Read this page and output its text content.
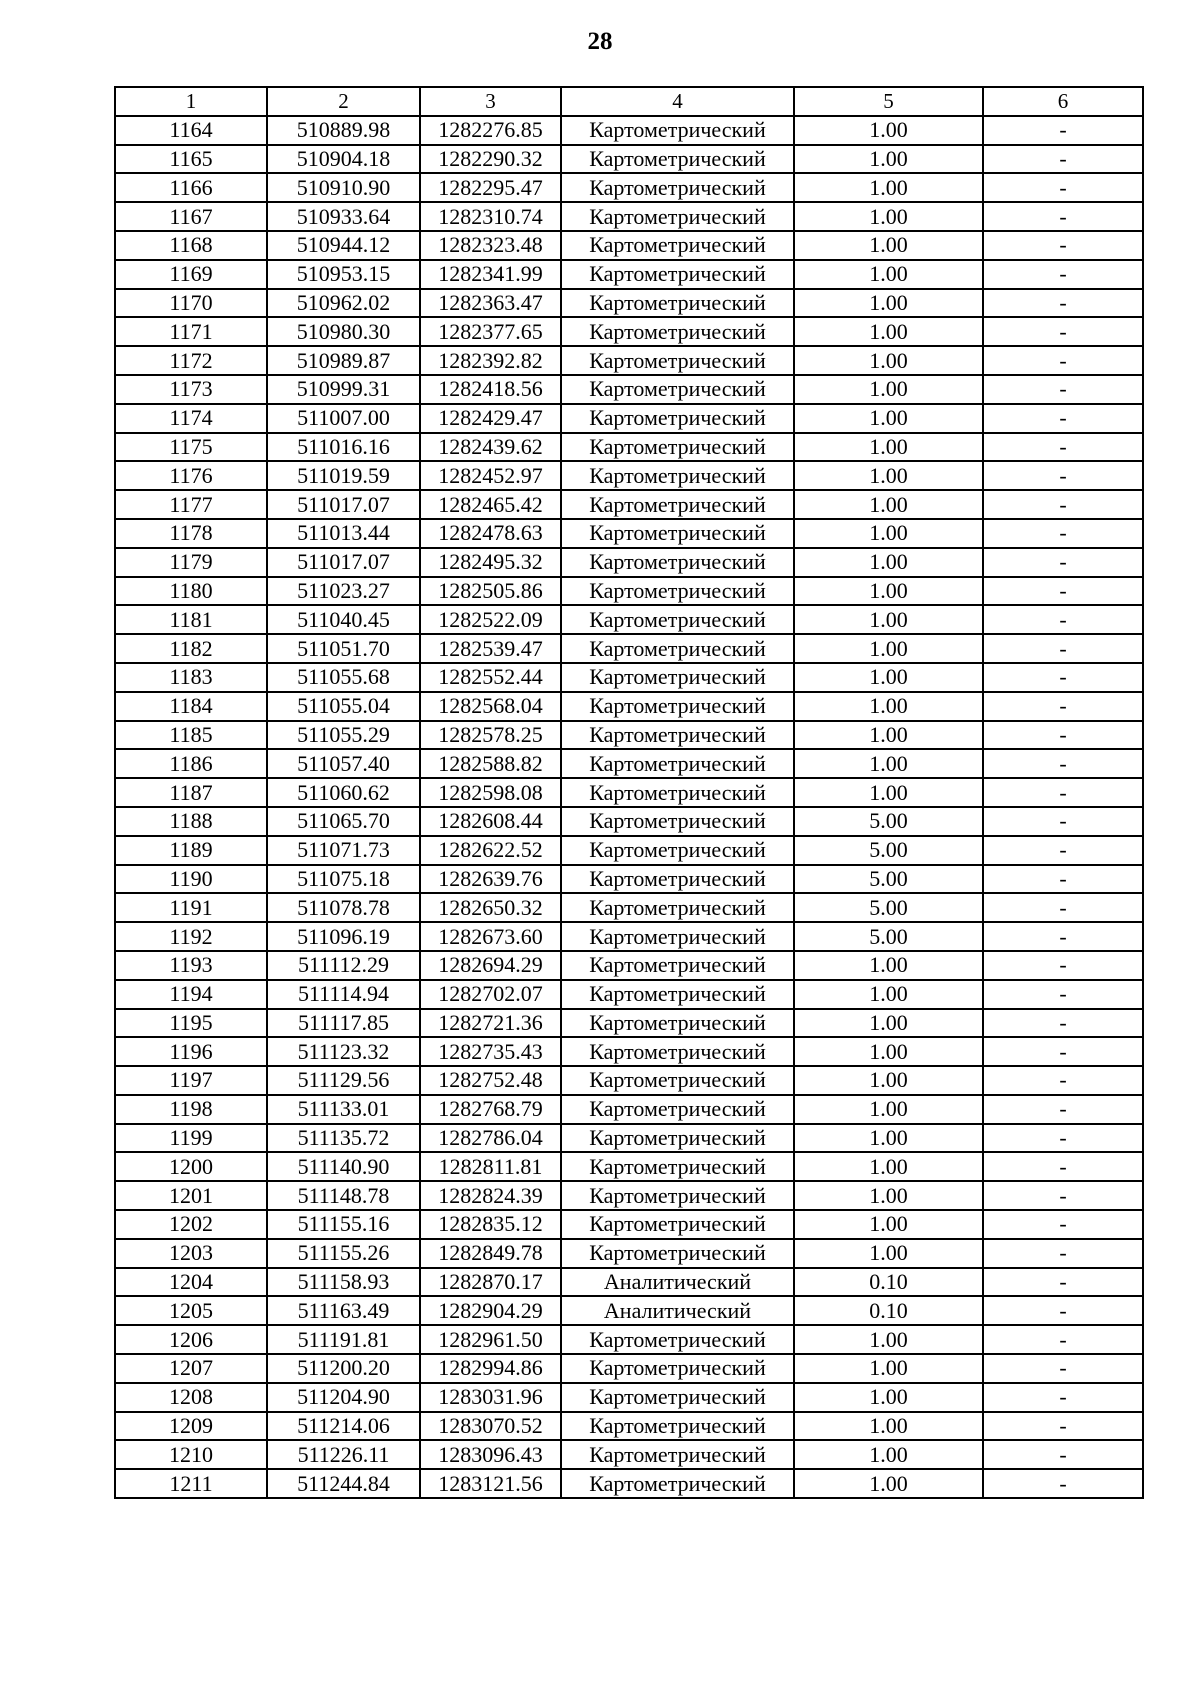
28
1	2	3	4	5	6
1164	510889.98	1282276.85	Картометрический	1.00	-
1165	510904.18	1282290.32	Картометрический	1.00	-
1166	510910.90	1282295.47	Картометрический	1.00	-
1167	510933.64	1282310.74	Картометрический	1.00	-
1168	510944.12	1282323.48	Картометрический	1.00	-
1169	510953.15	1282341.99	Картометрический	1.00	-
1170	510962.02	1282363.47	Картометрический	1.00	-
1171	510980.30	1282377.65	Картометрический	1.00	-
1172	510989.87	1282392.82	Картометрический	1.00	-
1173	510999.31	1282418.56	Картометрический	1.00	-
1174	511007.00	1282429.47	Картометрический	1.00	-
1175	511016.16	1282439.62	Картометрический	1.00	-
1176	511019.59	1282452.97	Картометрический	1.00	-
1177	511017.07	1282465.42	Картометрический	1.00	-
1178	511013.44	1282478.63	Картометрический	1.00	-
1179	511017.07	1282495.32	Картометрический	1.00	-
1180	511023.27	1282505.86	Картометрический	1.00	-
1181	511040.45	1282522.09	Картометрический	1.00	-
1182	511051.70	1282539.47	Картометрический	1.00	-
1183	511055.68	1282552.44	Картометрический	1.00	-
1184	511055.04	1282568.04	Картометрический	1.00	-
1185	511055.29	1282578.25	Картометрический	1.00	-
1186	511057.40	1282588.82	Картометрический	1.00	-
1187	511060.62	1282598.08	Картометрический	1.00	-
1188	511065.70	1282608.44	Картометрический	5.00	-
1189	511071.73	1282622.52	Картометрический	5.00	-
1190	511075.18	1282639.76	Картометрический	5.00	-
1191	511078.78	1282650.32	Картометрический	5.00	-
1192	511096.19	1282673.60	Картометрический	5.00	-
1193	511112.29	1282694.29	Картометрический	1.00	-
1194	511114.94	1282702.07	Картометрический	1.00	-
1195	511117.85	1282721.36	Картометрический	1.00	-
1196	511123.32	1282735.43	Картометрический	1.00	-
1197	511129.56	1282752.48	Картометрический	1.00	-
1198	511133.01	1282768.79	Картометрический	1.00	-
1199	511135.72	1282786.04	Картометрический	1.00	-
1200	511140.90	1282811.81	Картометрический	1.00	-
1201	511148.78	1282824.39	Картометрический	1.00	-
1202	511155.16	1282835.12	Картометрический	1.00	-
1203	511155.26	1282849.78	Картометрический	1.00	-
1204	511158.93	1282870.17	Аналитический	0.10	-
1205	511163.49	1282904.29	Аналитический	0.10	-
1206	511191.81	1282961.50	Картометрический	1.00	-
1207	511200.20	1282994.86	Картометрический	1.00	-
1208	511204.90	1283031.96	Картометрический	1.00	-
1209	511214.06	1283070.52	Картометрический	1.00	-
1210	511226.11	1283096.43	Картометрический	1.00	-
1211	511244.84	1283121.56	Картометрический	1.00	-
